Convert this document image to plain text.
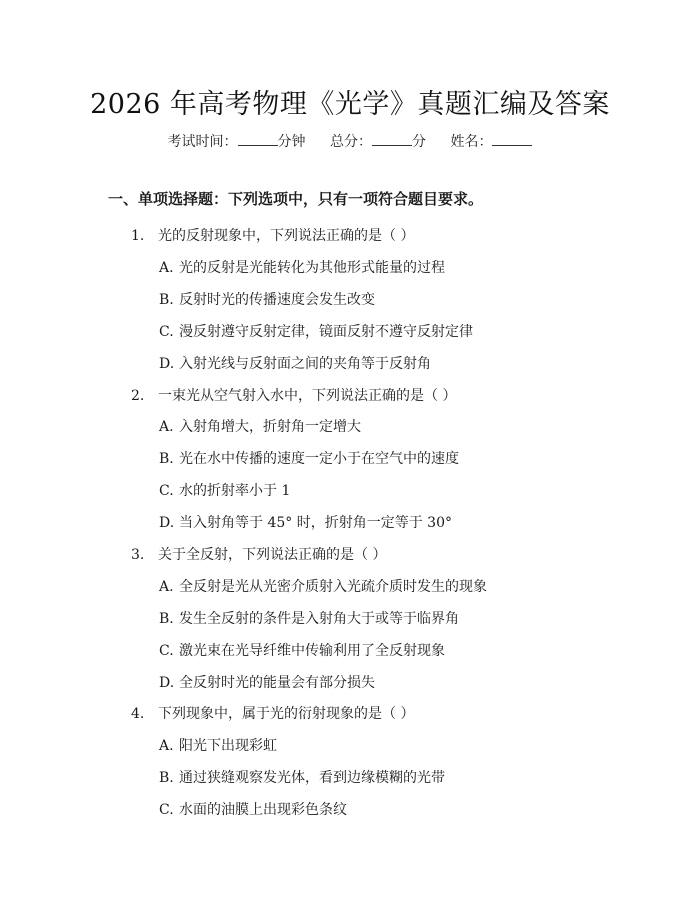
2026 年高考物理《光学》真题汇编及答案
考试时间：	分钟 总分：	分 姓名：
一、单项选择题：下列选项中，只有一项符合题目要求。
1. 光的反射现象中，下列说法正确的是（ ）
A. 光的反射是光能转化为其他形式能量的过程
B. 反射时光的传播速度会发生改变
C. 漫反射遵守反射定律，镜面反射不遵守反射定律
D. 入射光线与反射面之间的夹角等于反射角
2. 一束光从空气射入水中，下列说法正确的是（ ）
A. 入射角增大，折射角一定增大
B. 光在水中传播的速度一定小于在空气中的速度
C. 水的折射率小于 1
D. 当入射角等于 45° 时，折射角一定等于 30°
3. 关于全反射，下列说法正确的是（ ）
A. 全反射是光从光密介质射入光疏介质时发生的现象
B. 发生全反射的条件是入射角大于或等于临界角
C. 激光束在光导纤维中传输利用了全反射现象
D. 全反射时光的能量会有部分损失
4. 下列现象中，属于光的衍射现象的是（ ）
A. 阳光下出现彩虹
B. 通过狭缝观察发光体，看到边缘模糊的光带
C. 水面的油膜上出现彩色条纹
